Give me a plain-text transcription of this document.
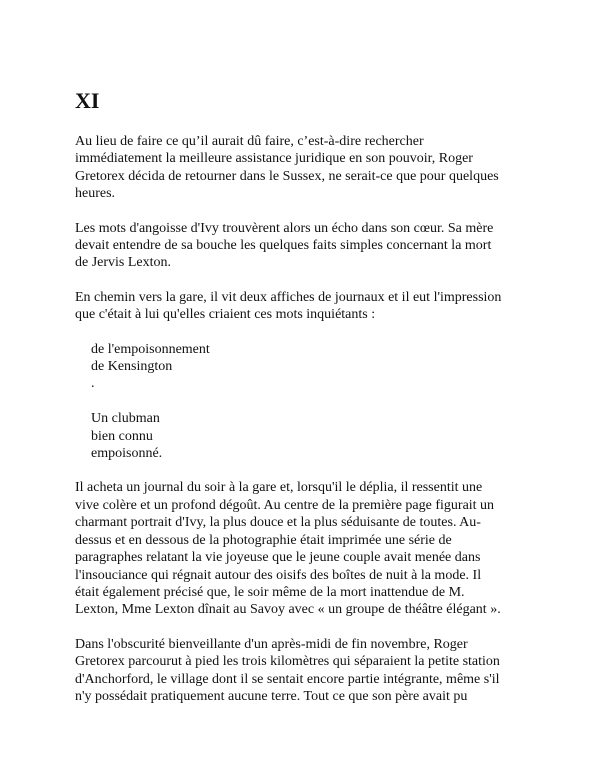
XI

Au lieu de faire ce qu’il aurait dû faire, c’est-à-dire rechercher
immédiatement la meilleure assistance juridique en son pouvoir, Roger
Gretorex décida de retourner dans le Sussex, ne serait-ce que pour quelques
heures.

Les mots d'angoisse d'Ivy trouvèrent alors un écho dans son cœur. Sa mère
devait entendre de sa bouche les quelques faits simples concernant la mort
de Jervis Lexton.

En chemin vers la gare, il vit deux affiches de journaux et il eut l'impression
que c'était à lui qu'elles criaient ces mots inquiétants :

de l'empoisonnement
de Kensington
.
Un clubman
bien connu
empoisonné.

Il acheta un journal du soir à la gare et, lorsqu'il le déplia, il ressentit une
vive colère et un profond dégoût. Au centre de la première page figurait un
charmant portrait d'Ivy, la plus douce et la plus séduisante de toutes. Au-
dessus et en dessous de la photographie était imprimée une série de
paragraphes relatant la vie joyeuse que le jeune couple avait menée dans
l'insouciance qui régnait autour des oisifs des boîtes de nuit à la mode. Il
était également précisé que, le soir même de la mort inattendue de M.
Lexton, Mme Lexton dînait au Savoy avec « un groupe de théâtre élégant ».

Dans l'obscurité bienveillante d'un après-midi de fin novembre, Roger
Gretorex parcourut à pied les trois kilomètres qui séparaient la petite station
d'Anchorford, le village dont il se sentait encore partie intégrante, même s'il
n'y possédait pratiquement aucune terre. Tout ce que son père avait pu
